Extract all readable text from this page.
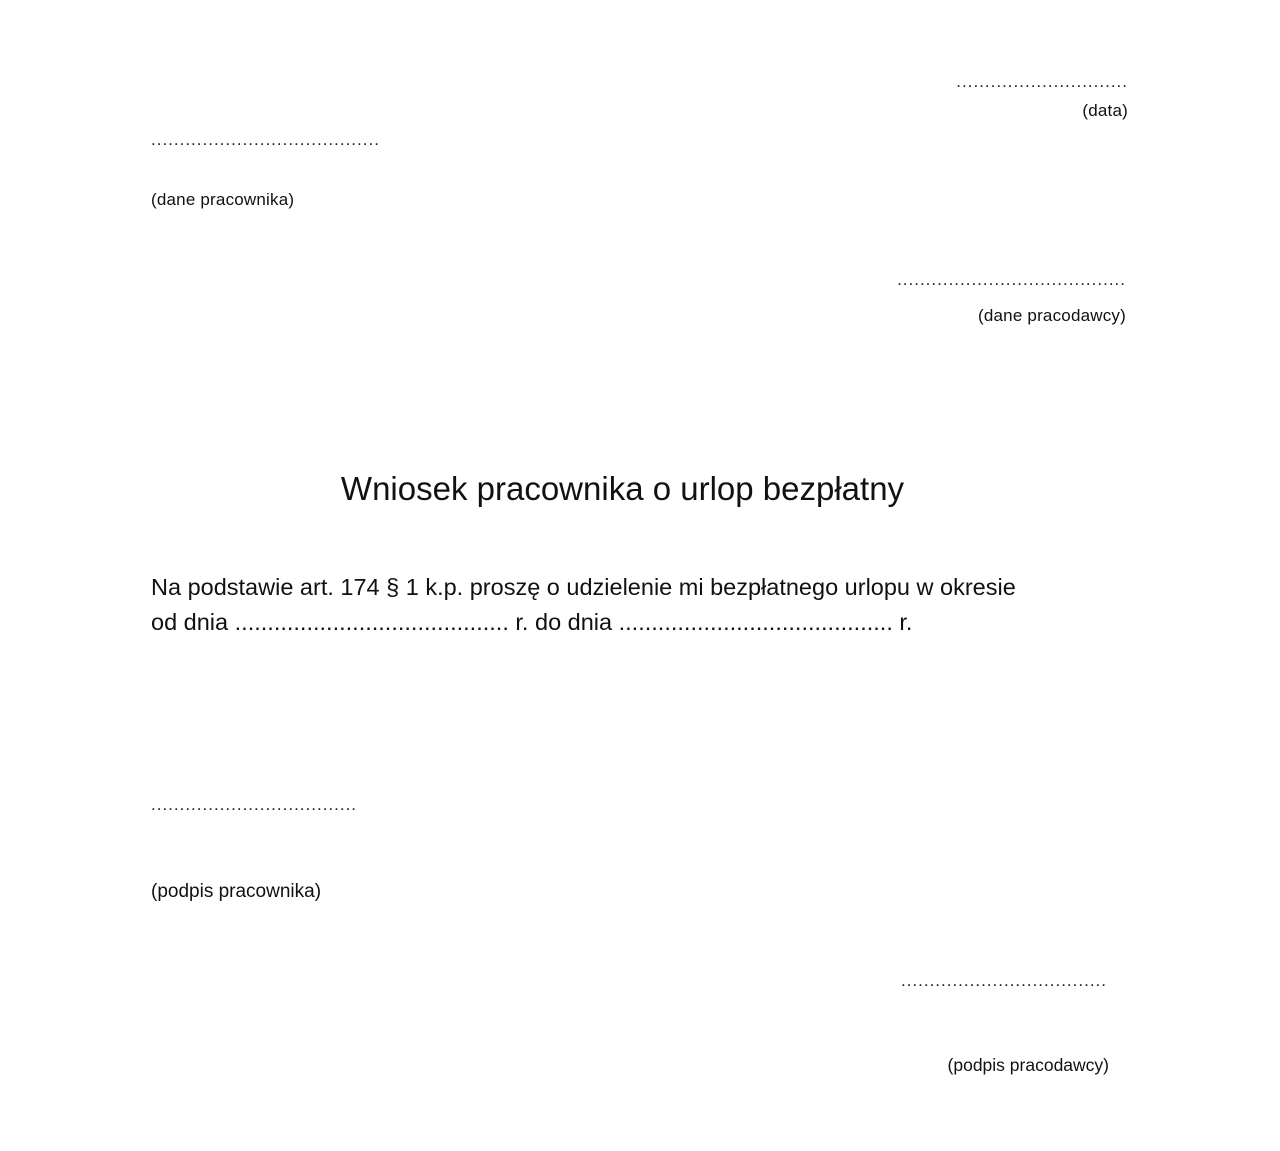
..............................
(data)
........................................
(dane pracownika)
........................................
(dane pracodawcy)
Wniosek pracownika o urlop bezpłatny
Na podstawie art. 174 § 1 k.p. proszę o udzielenie mi bezpłatnego urlopu w okresie
od dnia .......................................... r. do dnia .......................................... r.
....................................
(podpis pracownika)
....................................
(podpis pracodawcy)
